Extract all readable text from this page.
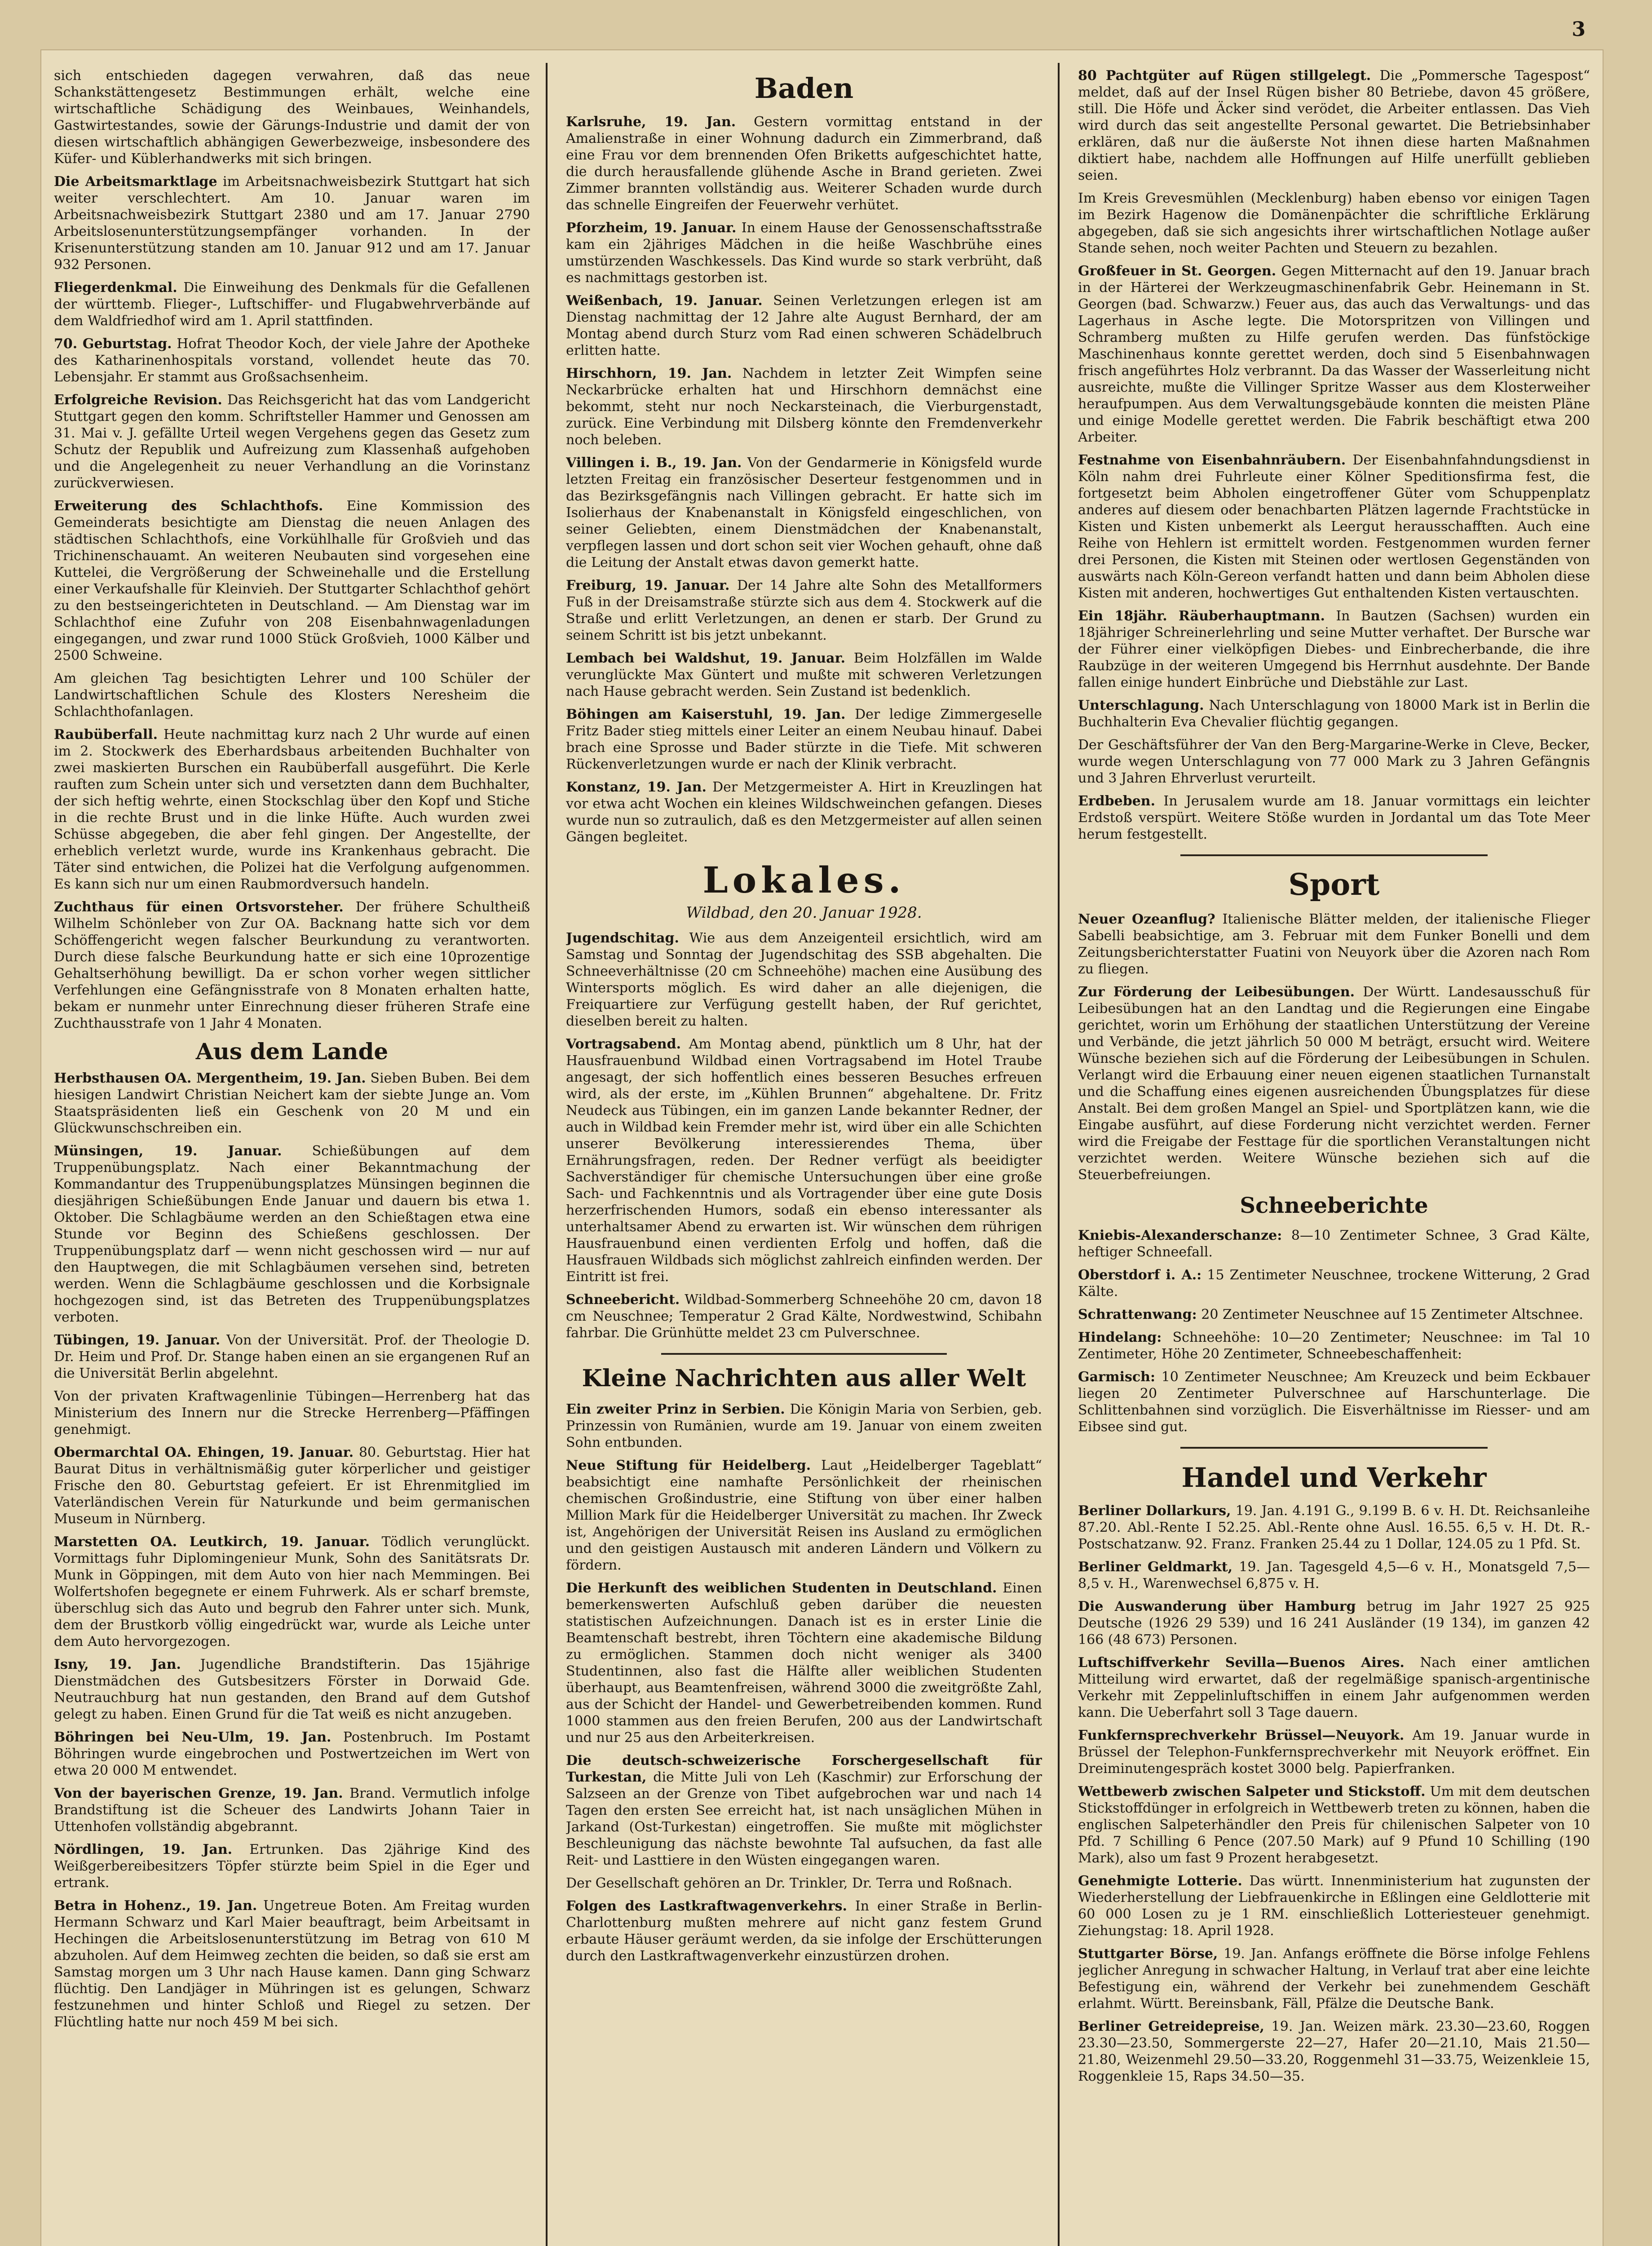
3

sich entschieden dagegen verwahren, daß das neue Schankstättengesetz Bestimmungen erhält, welche eine wirtschaftliche Schädigung des Weinbaues, Weinhandels, Gastwirtestandes, sowie der Gärungs-Industrie und damit der von diesen wirtschaftlich abhängigen Gewerbezweige, insbesondere des Küfer- und Küblerhandwerks mit sich bringen.

Die Arbeitsmarktlage im Arbeitsnachweisbezirk Stuttgart hat sich weiter verschlechtert. Am 10. Januar waren im Arbeitsnachweisbezirk Stuttgart 2380 und am 17. Januar 2790 Arbeitslosenunterstützungsempfänger vorhanden. In der Krisenunterstützung standen am 10. Januar 912 und am 17. Januar 932 Personen.

Fliegerdenkmal. Die Einweihung des Denkmals für die Gefallenen der württemb. Flieger-, Luftschiffer- und Flugabwehrverbände auf dem Waldfriedhof wird am 1. April stattfinden.

70. Geburtstag. Hofrat Theodor Koch, der viele Jahre der Apotheke des Katharinenhospitals vorstand, vollendet heute das 70. Lebensjahr. Er stammt aus Großsachsenheim.

Erfolgreiche Revision. Das Reichsgericht hat das vom Landgericht Stuttgart gegen den komm. Schriftsteller Hammer und Genossen am 31. Mai v. J. gefällte Urteil wegen Vergehens gegen das Gesetz zum Schutz der Republik und Aufreizung zum Klassenhaß aufgehoben und die Angelegenheit zu neuer Verhandlung an die Vorinstanz zurückverwiesen.

Erweiterung des Schlachthofs. Eine Kommission des Gemeinderats besichtigte am Dienstag die neuen Anlagen des städtischen Schlachthofs, eine Vorkühlhalle für Großvieh und das Trichinenschauamt. An weiteren Neubauten sind vorgesehen eine Kuttelei, die Vergrößerung der Schweinehalle und die Erstellung einer Verkaufshalle für Kleinvieh. Der Stuttgarter Schlachthof gehört zu den bestseingerichteten in Deutschland. — Am Dienstag war im Schlachthof eine Zufuhr von 208 Eisenbahnwagenladungen eingegangen, und zwar rund 1000 Stück Großvieh, 1000 Kälber und 2500 Schweine.

Am gleichen Tag besichtigten Lehrer und 100 Schüler der Landwirtschaftlichen Schule des Klosters Neresheim die Schlachthofanlagen.

Raubüberfall. Heute nachmittag kurz nach 2 Uhr wurde auf einen im 2. Stockwerk des Eberhardsbaus arbeitenden Buchhalter von zwei maskierten Burschen ein Raubüberfall ausgeführt. Die Kerle rauften zum Schein unter sich und versetzten dann dem Buchhalter, der sich heftig wehrte, einen Stockschlag über den Kopf und Stiche in die rechte Brust und in die linke Hüfte. Auch wurden zwei Schüsse abgegeben, die aber fehl gingen. Der Angestellte, der erheblich verletzt wurde, wurde ins Krankenhaus gebracht. Die Täter sind entwichen, die Polizei hat die Verfolgung aufgenommen. Es kann sich nur um einen Raubmordversuch handeln.

Zuchthaus für einen Ortsvorsteher. Der frühere Schultheiß Wilhelm Schönleber von Zur OA. Backnang hatte sich vor dem Schöffengericht wegen falscher Beurkundung zu verantworten. Durch diese falsche Beurkundung hatte er sich eine 10prozentige Gehaltserhöhung bewilligt. Da er schon vorher wegen sittlicher Verfehlungen eine Gefängnisstrafe von 8 Monaten erhalten hatte, bekam er nunmehr unter Einrechnung dieser früheren Strafe eine Zuchthausstrafe von 1 Jahr 4 Monaten.

Aus dem Lande

Herbsthausen OA. Mergentheim, 19. Jan. Sieben Buben. Bei dem hiesigen Landwirt Christian Neichert kam der siebte Junge an. Vom Staatspräsidenten ließ ein Geschenk von 20 M und ein Glückwunschschreiben ein.

Münsingen, 19. Januar. Schießübungen auf dem Truppenübungsplatz. Nach einer Bekanntmachung der Kommandantur des Truppenübungsplatzes Münsingen beginnen die diesjährigen Schießübungen Ende Januar und dauern bis etwa 1. Oktober. Die Schlagbäume werden an den Schießtagen etwa eine Stunde vor Beginn des Schießens geschlossen. Der Truppenübungsplatz darf — wenn nicht geschossen wird — nur auf den Hauptwegen, die mit Schlagbäumen versehen sind, betreten werden. Wenn die Schlagbäume geschlossen und die Korbsignale hochgezogen sind, ist das Betreten des Truppenübungsplatzes verboten.

Tübingen, 19. Januar. Von der Universität. Prof. der Theologie D. Dr. Heim und Prof. Dr. Stange haben einen an sie ergangenen Ruf an die Universität Berlin abgelehnt.

Von der privaten Kraftwagenlinie Tübingen—Herrenberg hat das Ministerium des Innern nur die Strecke Herrenberg—Pfäffingen genehmigt.

Obermarchtal OA. Ehingen, 19. Januar. 80. Geburtstag. Hier hat Baurat Ditus in verhältnismäßig guter körperlicher und geistiger Frische den 80. Geburtstag gefeiert. Er ist Ehrenmitglied im Vaterländischen Verein für Naturkunde und beim germanischen Museum in Nürnberg.

Marstetten OA. Leutkirch, 19. Januar. Tödlich verunglückt. Vormittags fuhr Diplomingenieur Munk, Sohn des Sanitätsrats Dr. Munk in Göppingen, mit dem Auto von hier nach Memmingen. Bei Wolfertshofen begegnete er einem Fuhrwerk. Als er scharf bremste, überschlug sich das Auto und begrub den Fahrer unter sich. Munk, dem der Brustkorb völlig eingedrückt war, wurde als Leiche unter dem Auto hervorgezogen.

Isny, 19. Jan. Jugendliche Brandstifterin. Das 15jährige Dienstmädchen des Gutsbesitzers Förster in Dorwaid Gde. Neutrauchburg hat nun gestanden, den Brand auf dem Gutshof gelegt zu haben. Einen Grund für die Tat weiß es nicht anzugeben.

Böhringen bei Neu-Ulm, 19. Jan. Postenbruch. Im Postamt Böhringen wurde eingebrochen und Postwertzeichen im Wert von etwa 20 000 M entwendet.

Von der bayerischen Grenze, 19. Jan. Brand. Vermutlich infolge Brandstiftung ist die Scheuer des Landwirts Johann Taier in Uttenhofen vollständig abgebrannt.

Nördlingen, 19. Jan. Ertrunken. Das 2jährige Kind des Weißgerbereibesitzers Töpfer stürzte beim Spiel in die Eger und ertrank.

Betra in Hohenz., 19. Jan. Ungetreue Boten. Am Freitag wurden Hermann Schwarz und Karl Maier beauftragt, beim Arbeitsamt in Hechingen die Arbeitslosenunterstützung im Betrag von 610 M abzuholen. Auf dem Heimweg zechten die beiden, so daß sie erst am Samstag morgen um 3 Uhr nach Hause kamen. Dann ging Schwarz flüchtig. Den Landjäger in Mühringen ist es gelungen, Schwarz festzunehmen und hinter Schloß und Riegel zu setzen. Der Flüchtling hatte nur noch 459 M bei sich.

Baden

Karlsruhe, 19. Jan. Gestern vormittag entstand in der Amalienstraße in einer Wohnung dadurch ein Zimmerbrand, daß eine Frau vor dem brennenden Ofen Briketts aufgeschichtet hatte, die durch herausfallende glühende Asche in Brand gerieten. Zwei Zimmer brannten vollständig aus. Weiterer Schaden wurde durch das schnelle Eingreifen der Feuerwehr verhütet.

Pforzheim, 19. Januar. In einem Hause der Genossenschaftsstraße kam ein 2jähriges Mädchen in die heiße Waschbrühe eines umstürzenden Waschkessels. Das Kind wurde so stark verbrüht, daß es nachmittags gestorben ist.

Weißenbach, 19. Januar. Seinen Verletzungen erlegen ist am Dienstag nachmittag der 12 Jahre alte August Bernhard, der am Montag abend durch Sturz vom Rad einen schweren Schädelbruch erlitten hatte.

Hirschhorn, 19. Jan. Nachdem in letzter Zeit Wimpfen seine Neckarbrücke erhalten hat und Hirschhorn demnächst eine bekommt, steht nur noch Neckarsteinach, die Vierburgenstadt, zurück. Eine Verbindung mit Dilsberg könnte den Fremdenverkehr noch beleben.

Villingen i. B., 19. Jan. Von der Gendarmerie in Königsfeld wurde letzten Freitag ein französischer Deserteur festgenommen und in das Bezirksgefängnis nach Villingen gebracht. Er hatte sich im Isolierhaus der Knabenanstalt in Königsfeld eingeschlichen, von seiner Geliebten, einem Dienstmädchen der Knabenanstalt, verpflegen lassen und dort schon seit vier Wochen gehauft, ohne daß die Leitung der Anstalt etwas davon gemerkt hatte.

Freiburg, 19. Januar. Der 14 Jahre alte Sohn des Metallformers Fuß in der Dreisamstraße stürzte sich aus dem 4. Stockwerk auf die Straße und erlitt Verletzungen, an denen er starb. Der Grund zu seinem Schritt ist bis jetzt unbekannt.

Lembach bei Waldshut, 19. Januar. Beim Holzfällen im Walde verunglückte Max Güntert und mußte mit schweren Verletzungen nach Hause gebracht werden. Sein Zustand ist bedenklich.

Böhingen am Kaiserstuhl, 19. Jan. Der ledige Zimmergeselle Fritz Bader stieg mittels einer Leiter an einem Neubau hinauf. Dabei brach eine Sprosse und Bader stürzte in die Tiefe. Mit schweren Rückenverletzungen wurde er nach der Klinik verbracht.

Konstanz, 19. Jan. Der Metzgermeister A. Hirt in Kreuzlingen hat vor etwa acht Wochen ein kleines Wildschweinchen gefangen. Dieses wurde nun so zutraulich, daß es den Metzgermeister auf allen seinen Gängen begleitet.

Lokales.
Wildbad, den 20. Januar 1928.

Jugendschitag. Wie aus dem Anzeigenteil ersichtlich, wird am Samstag und Sonntag der Jugendschitag des SSB abgehalten. Die Schneeverhältnisse (20 cm Schneehöhe) machen eine Ausübung des Wintersports möglich. Es wird daher an alle diejenigen, die Freiquartiere zur Verfügung gestellt haben, der Ruf gerichtet, dieselben bereit zu halten.

Vortragsabend. Am Montag abend, pünktlich um 8 Uhr, hat der Hausfrauenbund Wildbad einen Vortragsabend im Hotel Traube angesagt, der sich hoffentlich eines besseren Besuches erfreuen wird, als der erste, im „Kühlen Brunnen“ abgehaltene. Dr. Fritz Neudeck aus Tübingen, ein im ganzen Lande bekannter Redner, der auch in Wildbad kein Fremder mehr ist, wird über ein alle Schichten unserer Bevölkerung interessierendes Thema, über Ernährungsfragen, reden. Der Redner verfügt als beeidigter Sachverständiger für chemische Untersuchungen über eine große Sach- und Fachkenntnis und als Vortragender über eine gute Dosis herzerfrischenden Humors, sodaß ein ebenso interessanter als unterhaltsamer Abend zu erwarten ist. Wir wünschen dem rührigen Hausfrauenbund einen verdienten Erfolg und hoffen, daß die Hausfrauen Wildbads sich möglichst zahlreich einfinden werden. Der Eintritt ist frei.

Schneebericht. Wildbad-Sommerberg Schneehöhe 20 cm, davon 18 cm Neuschnee; Temperatur 2 Grad Kälte, Nordwestwind, Schibahn fahrbar. Die Grünhütte meldet 23 cm Pulverschnee.

Kleine Nachrichten aus aller Welt

Ein zweiter Prinz in Serbien. Die Königin Maria von Serbien, geb. Prinzessin von Rumänien, wurde am 19. Januar von einem zweiten Sohn entbunden.

Neue Stiftung für Heidelberg. Laut „Heidelberger Tageblatt“ beabsichtigt eine namhafte Persönlichkeit der rheinischen chemischen Großindustrie, eine Stiftung von über einer halben Million Mark für die Heidelberger Universität zu machen. Ihr Zweck ist, Angehörigen der Universität Reisen ins Ausland zu ermöglichen und den geistigen Austausch mit anderen Ländern und Völkern zu fördern.

Die Herkunft des weiblichen Studenten in Deutschland. Einen bemerkenswerten Aufschluß geben darüber die neuesten statistischen Aufzeichnungen. Danach ist es in erster Linie die Beamtenschaft bestrebt, ihren Töchtern eine akademische Bildung zu ermöglichen. Stammen doch nicht weniger als 3400 Studentinnen, also fast die Hälfte aller weiblichen Studenten überhaupt, aus Beamtenfreisen, während 3000 die zweitgrößte Zahl, aus der Schicht der Handel- und Gewerbetreibenden kommen. Rund 1000 stammen aus den freien Berufen, 200 aus der Landwirtschaft und nur 25 aus den Arbeiterkreisen.

Die deutsch-schweizerische Forschergesellschaft für Turkestan, die Mitte Juli von Leh (Kaschmir) zur Erforschung der Salzseen an der Grenze von Tibet aufgebrochen war und nach 14 Tagen den ersten See erreicht hat, ist nach unsäglichen Mühen in Jarkand (Ost-Turkestan) eingetroffen. Sie mußte mit möglichster Beschleunigung das nächste bewohnte Tal aufsuchen, da fast alle Reit- und Lasttiere in den Wüsten eingegangen waren.

Der Gesellschaft gehören an Dr. Trinkler, Dr. Terra und Roßnach.

Folgen des Lastkraftwagenverkehrs. In einer Straße in Berlin-Charlottenburg mußten mehrere auf nicht ganz festem Grund erbaute Häuser geräumt werden, da sie infolge der Erschütterungen durch den Lastkraftwagenverkehr einzustürzen drohen.

80 Pachtgüter auf Rügen stillgelegt. Die „Pommersche Tagespost“ meldet, daß auf der Insel Rügen bisher 80 Betriebe, davon 45 größere, still. Die Höfe und Äcker sind verödet, die Arbeiter entlassen. Das Vieh wird durch das seit angestellte Personal gewartet. Die Betriebsinhaber erklären, daß nur die äußerste Not ihnen diese harten Maßnahmen diktiert habe, nachdem alle Hoffnungen auf Hilfe unerfüllt geblieben seien.

Im Kreis Grevesmühlen (Mecklenburg) haben ebenso vor einigen Tagen im Bezirk Hagenow die Domänenpächter die schriftliche Erklärung abgegeben, daß sie sich angesichts ihrer wirtschaftlichen Notlage außer Stande sehen, noch weiter Pachten und Steuern zu bezahlen.

Großfeuer in St. Georgen. Gegen Mitternacht auf den 19. Januar brach in der Härterei der Werkzeugmaschinenfabrik Gebr. Heinemann in St. Georgen (bad. Schwarzw.) Feuer aus, das auch das Verwaltungs- und das Lagerhaus in Asche legte. Die Motorspritzen von Villingen und Schramberg mußten zu Hilfe gerufen werden. Das fünfstöckige Maschinenhaus konnte gerettet werden, doch sind 5 Eisenbahnwagen frisch angeführtes Holz verbrannt. Da das Wasser der Wasserleitung nicht ausreichte, mußte die Villinger Spritze Wasser aus dem Klosterweiher heraufpumpen. Aus dem Verwaltungsgebäude konnten die meisten Pläne und einige Modelle gerettet werden. Die Fabrik beschäftigt etwa 200 Arbeiter.

Festnahme von Eisenbahnräubern. Der Eisenbahnfahndungsdienst in Köln nahm drei Fuhrleute einer Kölner Speditionsfirma fest, die fortgesetzt beim Abholen eingetroffener Güter vom Schuppenplatz anderes auf diesem oder benachbarten Plätzen lagernde Frachtstücke in Kisten und Kisten unbemerkt als Leergut herausschafften. Auch eine Reihe von Hehlern ist ermittelt worden. Festgenommen wurden ferner drei Personen, die Kisten mit Steinen oder wertlosen Gegenständen von auswärts nach Köln-Gereon verfandt hatten und dann beim Abholen diese Kisten mit anderen, hochwertiges Gut enthaltenden Kisten vertauschten.

Ein 18jähr. Räuberhauptmann. In Bautzen (Sachsen) wurden ein 18jähriger Schreinerlehrling und seine Mutter verhaftet. Der Bursche war der Führer einer vielköpfigen Diebes- und Einbrecherbande, die ihre Raubzüge in der weiteren Umgegend bis Herrnhut ausdehnte. Der Bande fallen einige hundert Einbrüche und Diebstähle zur Last.

Unterschlagung. Nach Unterschlagung von 18000 Mark ist in Berlin die Buchhalterin Eva Chevalier flüchtig gegangen.

Der Geschäftsführer der Van den Berg-Margarine-Werke in Cleve, Becker, wurde wegen Unterschlagung von 77 000 Mark zu 3 Jahren Gefängnis und 3 Jahren Ehrverlust verurteilt.

Erdbeben. In Jerusalem wurde am 18. Januar vormittags ein leichter Erdstoß verspürt. Weitere Stöße wurden in Jordantal um das Tote Meer herum festgestellt.

Sport

Neuer Ozeanflug? Italienische Blätter melden, der italienische Flieger Sabelli beabsichtige, am 3. Februar mit dem Funker Bonelli und dem Zeitungsberichterstatter Fuatini von Neuyork über die Azoren nach Rom zu fliegen.

Zur Förderung der Leibesübungen. Der Württ. Landesausschuß für Leibesübungen hat an den Landtag und die Regierungen eine Eingabe gerichtet, worin um Erhöhung der staatlichen Unterstützung der Vereine und Verbände, die jetzt jährlich 50 000 M beträgt, ersucht wird. Weitere Wünsche beziehen sich auf die Förderung der Leibesübungen in Schulen. Verlangt wird die Erbauung einer neuen eigenen staatlichen Turnanstalt und die Schaffung eines eigenen ausreichenden Übungsplatzes für diese Anstalt. Bei dem großen Mangel an Spiel- und Sportplätzen kann, wie die Eingabe ausführt, auf diese Forderung nicht verzichtet werden. Ferner wird die Freigabe der Festtage für die sportlichen Veranstaltungen nicht verzichtet werden. Weitere Wünsche beziehen sich auf die Steuerbefreiungen.

Schneeberichte

Kniebis-Alexanderschanze: 8—10 Zentimeter Schnee, 3 Grad Kälte, heftiger Schneefall.

Oberstdorf i. A.: 15 Zentimeter Neuschnee, trockene Witterung, 2 Grad Kälte.

Schrattenwang: 20 Zentimeter Neuschnee auf 15 Zentimeter Altschnee.

Hindelang: Schneehöhe: 10—20 Zentimeter; Neuschnee: im Tal 10 Zentimeter, Höhe 20 Zentimeter, Schneebeschaffenheit:

Garmisch: 10 Zentimeter Neuschnee; Am Kreuzeck und beim Eckbauer liegen 20 Zentimeter Pulverschnee auf Harschunterlage. Die Schlittenbahnen sind vorzüglich. Die Eisverhältnisse im Riesser- und am Eibsee sind gut.

Handel und Verkehr

Berliner Dollarkurs, 19. Jan. 4.191 G., 9.199 B. 6 v. H. Dt. Reichsanleihe 87.20. Abl.-Rente I 52.25. Abl.-Rente ohne Ausl. 16.55. 6,5 v. H. Dt. R.-Postschatzanw. 92. Franz. Franken 25.44 zu 1 Dollar, 124.05 zu 1 Pfd. St.

Berliner Geldmarkt, 19. Jan. Tagesgeld 4,5—6 v. H., Monatsgeld 7,5—8,5 v. H., Warenwechsel 6,875 v. H.

Die Auswanderung über Hamburg betrug im Jahr 1927 25 925 Deutsche (1926 29 539) und 16 241 Ausländer (19 134), im ganzen 42 166 (48 673) Personen.

Luftschiffverkehr Sevilla—Buenos Aires. Nach einer amtlichen Mitteilung wird erwartet, daß der regelmäßige spanisch-argentinische Verkehr mit Zeppelinluftschiffen in einem Jahr aufgenommen werden kann. Die Ueberfahrt soll 3 Tage dauern.

Funkfernsprechverkehr Brüssel—Neuyork. Am 19. Januar wurde in Brüssel der Telephon-Funkfernsprechverkehr mit Neuyork eröffnet. Ein Dreiminutengespräch kostet 3000 belg. Papierfranken.

Wettbewerb zwischen Salpeter und Stickstoff. Um mit dem deutschen Stickstoffdünger in erfolgreich in Wettbewerb treten zu können, haben die englischen Salpeterhändler den Preis für chilenischen Salpeter von 10 Pfd. 7 Schilling 6 Pence (207.50 Mark) auf 9 Pfund 10 Schilling (190 Mark), also um fast 9 Prozent herabgesetzt.

Genehmigte Lotterie. Das württ. Innenministerium hat zugunsten der Wiederherstellung der Liebfrauenkirche in Eßlingen eine Geldlotterie mit 60 000 Losen zu je 1 RM. einschließlich Lotteriesteuer genehmigt. Ziehungstag: 18. April 1928.

Stuttgarter Börse, 19. Jan. Anfangs eröffnete die Börse infolge Fehlens jeglicher Anregung in schwacher Haltung, in Verlauf trat aber eine leichte Befestigung ein, während der Verkehr bei zunehmendem Geschäft erlahmt. Württ. Bereinsbank, Fäll, Pfälze die Deutsche Bank.

Berliner Getreidepreise, 19. Jan. Weizen märk. 23.30—23.60, Roggen 23.30—23.50, Sommergerste 22—27, Hafer 20—21.10, Mais 21.50—21.80, Weizenmehl 29.50—33.20, Roggenmehl 31—33.75, Weizenkleie 15, Roggenkleie 15, Raps 34.50—35.
